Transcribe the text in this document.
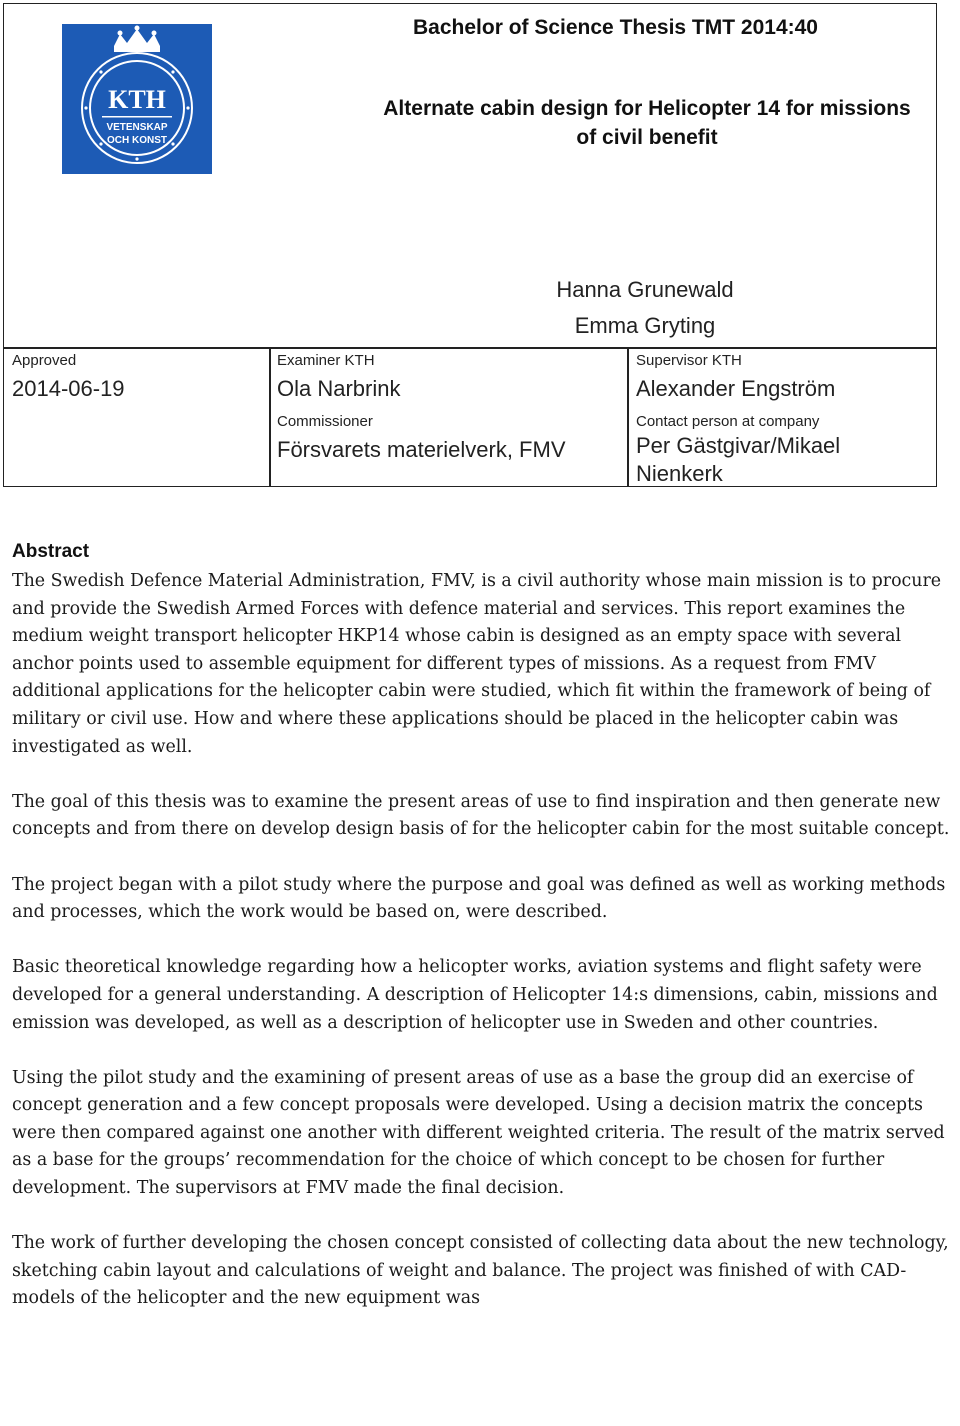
KTH
VETENSKAP
OCH KONST
Bachelor of Science Thesis TMT 2014:40
Alternate cabin design for Helicopter 14 for missions of civil benefit
Hanna Grunewald
Emma Gryting
Approved
2014-06-19
Examiner KTH
Ola Narbrink
Commissioner
Försvarets materielverk, FMV
Supervisor KTH
Alexander Engström
Contact person at company
Per Gästgivar/Mikael Nienkerk
Abstract

The Swedish Defence Material Administration, FMV, is a civil authority whose main mission is to procure and provide the Swedish Armed Forces with defence material and services. This report examines the medium weight transport helicopter HKP14 whose cabin is designed as an empty space with several anchor points used to assemble equipment for different types of missions. As a request from FMV additional applications for the helicopter cabin were studied, which fit within the framework of being of military or civil use. How and where these applications should be placed in the helicopter cabin was investigated as well.

The goal of this thesis was to examine the present areas of use to find inspiration and then generate new concepts and from there on develop design basis of for the helicopter cabin for the most suitable concept.

The project began with a pilot study where the purpose and goal was defined as well as working methods and processes, which the work would be based on, were described.

Basic theoretical knowledge regarding how a helicopter works, aviation systems and flight safety were developed for a general understanding. A description of Helicopter 14:s dimensions, cabin, missions and emission was developed, as well as a description of helicopter use in Sweden and other countries.

Using the pilot study and the examining of present areas of use as a base the group did an exercise of concept generation and a few concept proposals were developed. Using a decision matrix the concepts were then compared against one another with different weighted criteria. The result of the matrix served as a base for the groups’ recommendation for the choice of which concept to be chosen for further development. The supervisors at FMV made the final decision.

The work of further developing the chosen concept consisted of collecting data about the new technology, sketching cabin layout and calculations of weight and balance. The project was finished of with CAD-models of the helicopter and the new equipment was
